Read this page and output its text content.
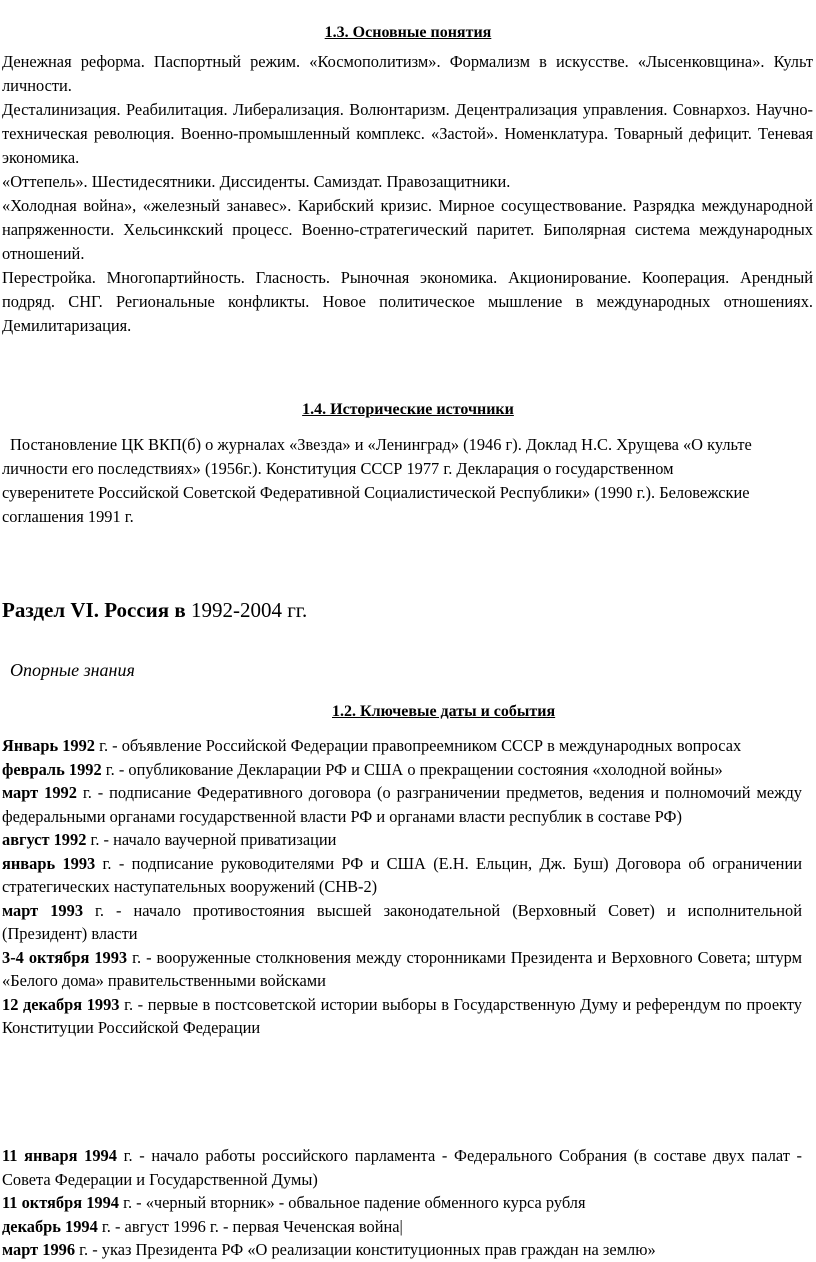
1.3. Основные понятия

Денежная реформа. Паспортный режим. «Космополитизм». Формализм в искусстве. «Лысенковщина». Культ личности.

Десталинизация. Реабилитация. Либерализация. Волюнтаризм. Децентрализация управления. Совнархоз. Научно-техническая революция. Военно-промышленный комплекс. «Застой». Номенклатура. Товарный дефицит. Теневая экономика.

«Оттепель». Шестидесятники. Диссиденты. Самиздат. Правозащитники.

«Холодная война», «железный занавес». Карибский кризис. Мирное сосуществование. Разрядка международной напряженности. Хельсинкский процесс. Военно-стратегический паритет. Биполярная система международных отношений.

Перестройка. Многопартийность. Гласность. Рыночная экономика. Акционирование. Кооперация. Арендный подряд. СНГ. Региональные конфликты. Новое политическое мышление в международных отношениях. Демилитаризация.

1.4. Исторические источники
Постановление ЦК ВКП(б) о журналах «Звезда» и «Ленинград» (1946 г). Доклад Н.С. Хрущева «О культе личности его последствиях» (1956г.). Конституция СССР 1977 г. Декларация о государственном суверенитете Российской Советской Федеративной Социалистической Республики» (1990 г.). Беловежские соглашения 1991 г.
Раздел VI. Россия в 1992-2004 гг.
Опорные знания
1.2. Ключевые даты и события

Январь 1992 г. - объявление Российской Федерации правопреемником СССР в международных вопросах

февраль 1992 г. - опубликование Декларации РФ и США о прекращении состояния «холодной войны»

март 1992 г. - подписание Федеративного договора (о разграничении предметов, ведения и полномочий между федеральными органами государственной власти РФ и органами власти республик в составе РФ)

август 1992 г. - начало ваучерной приватизации

январь 1993 г. - подписание руководителями РФ и США (Е.Н. Ельцин, Дж. Буш) Договора об ограничении стратегических наступательных вооружений (СНВ-2)

март 1993 г. - начало противостояния высшей законодательной (Верховный Совет) и исполнительной (Президент) власти

3-4 октября 1993 г. - вооруженные столкновения между сторонниками Президента и Верховного Совета; штурм «Белого дома» правительственными войсками

12 декабря 1993 г. - первые в постсоветской истории выборы в Государственную Думу и референдум по проекту Конституции Российской Федерации

11 января 1994 г. - начало работы российского парламента - Федерального Собрания (в составе двух палат - Совета Федерации и Государственной Думы)

11 октября 1994 г. - «черный вторник» - обвальное падение обменного курса рубля

декабрь 1994 г. - август 1996 г. - первая Чеченская война|

март 1996 г. - указ Президента РФ «О реализации конституционных прав граждан на землю»
